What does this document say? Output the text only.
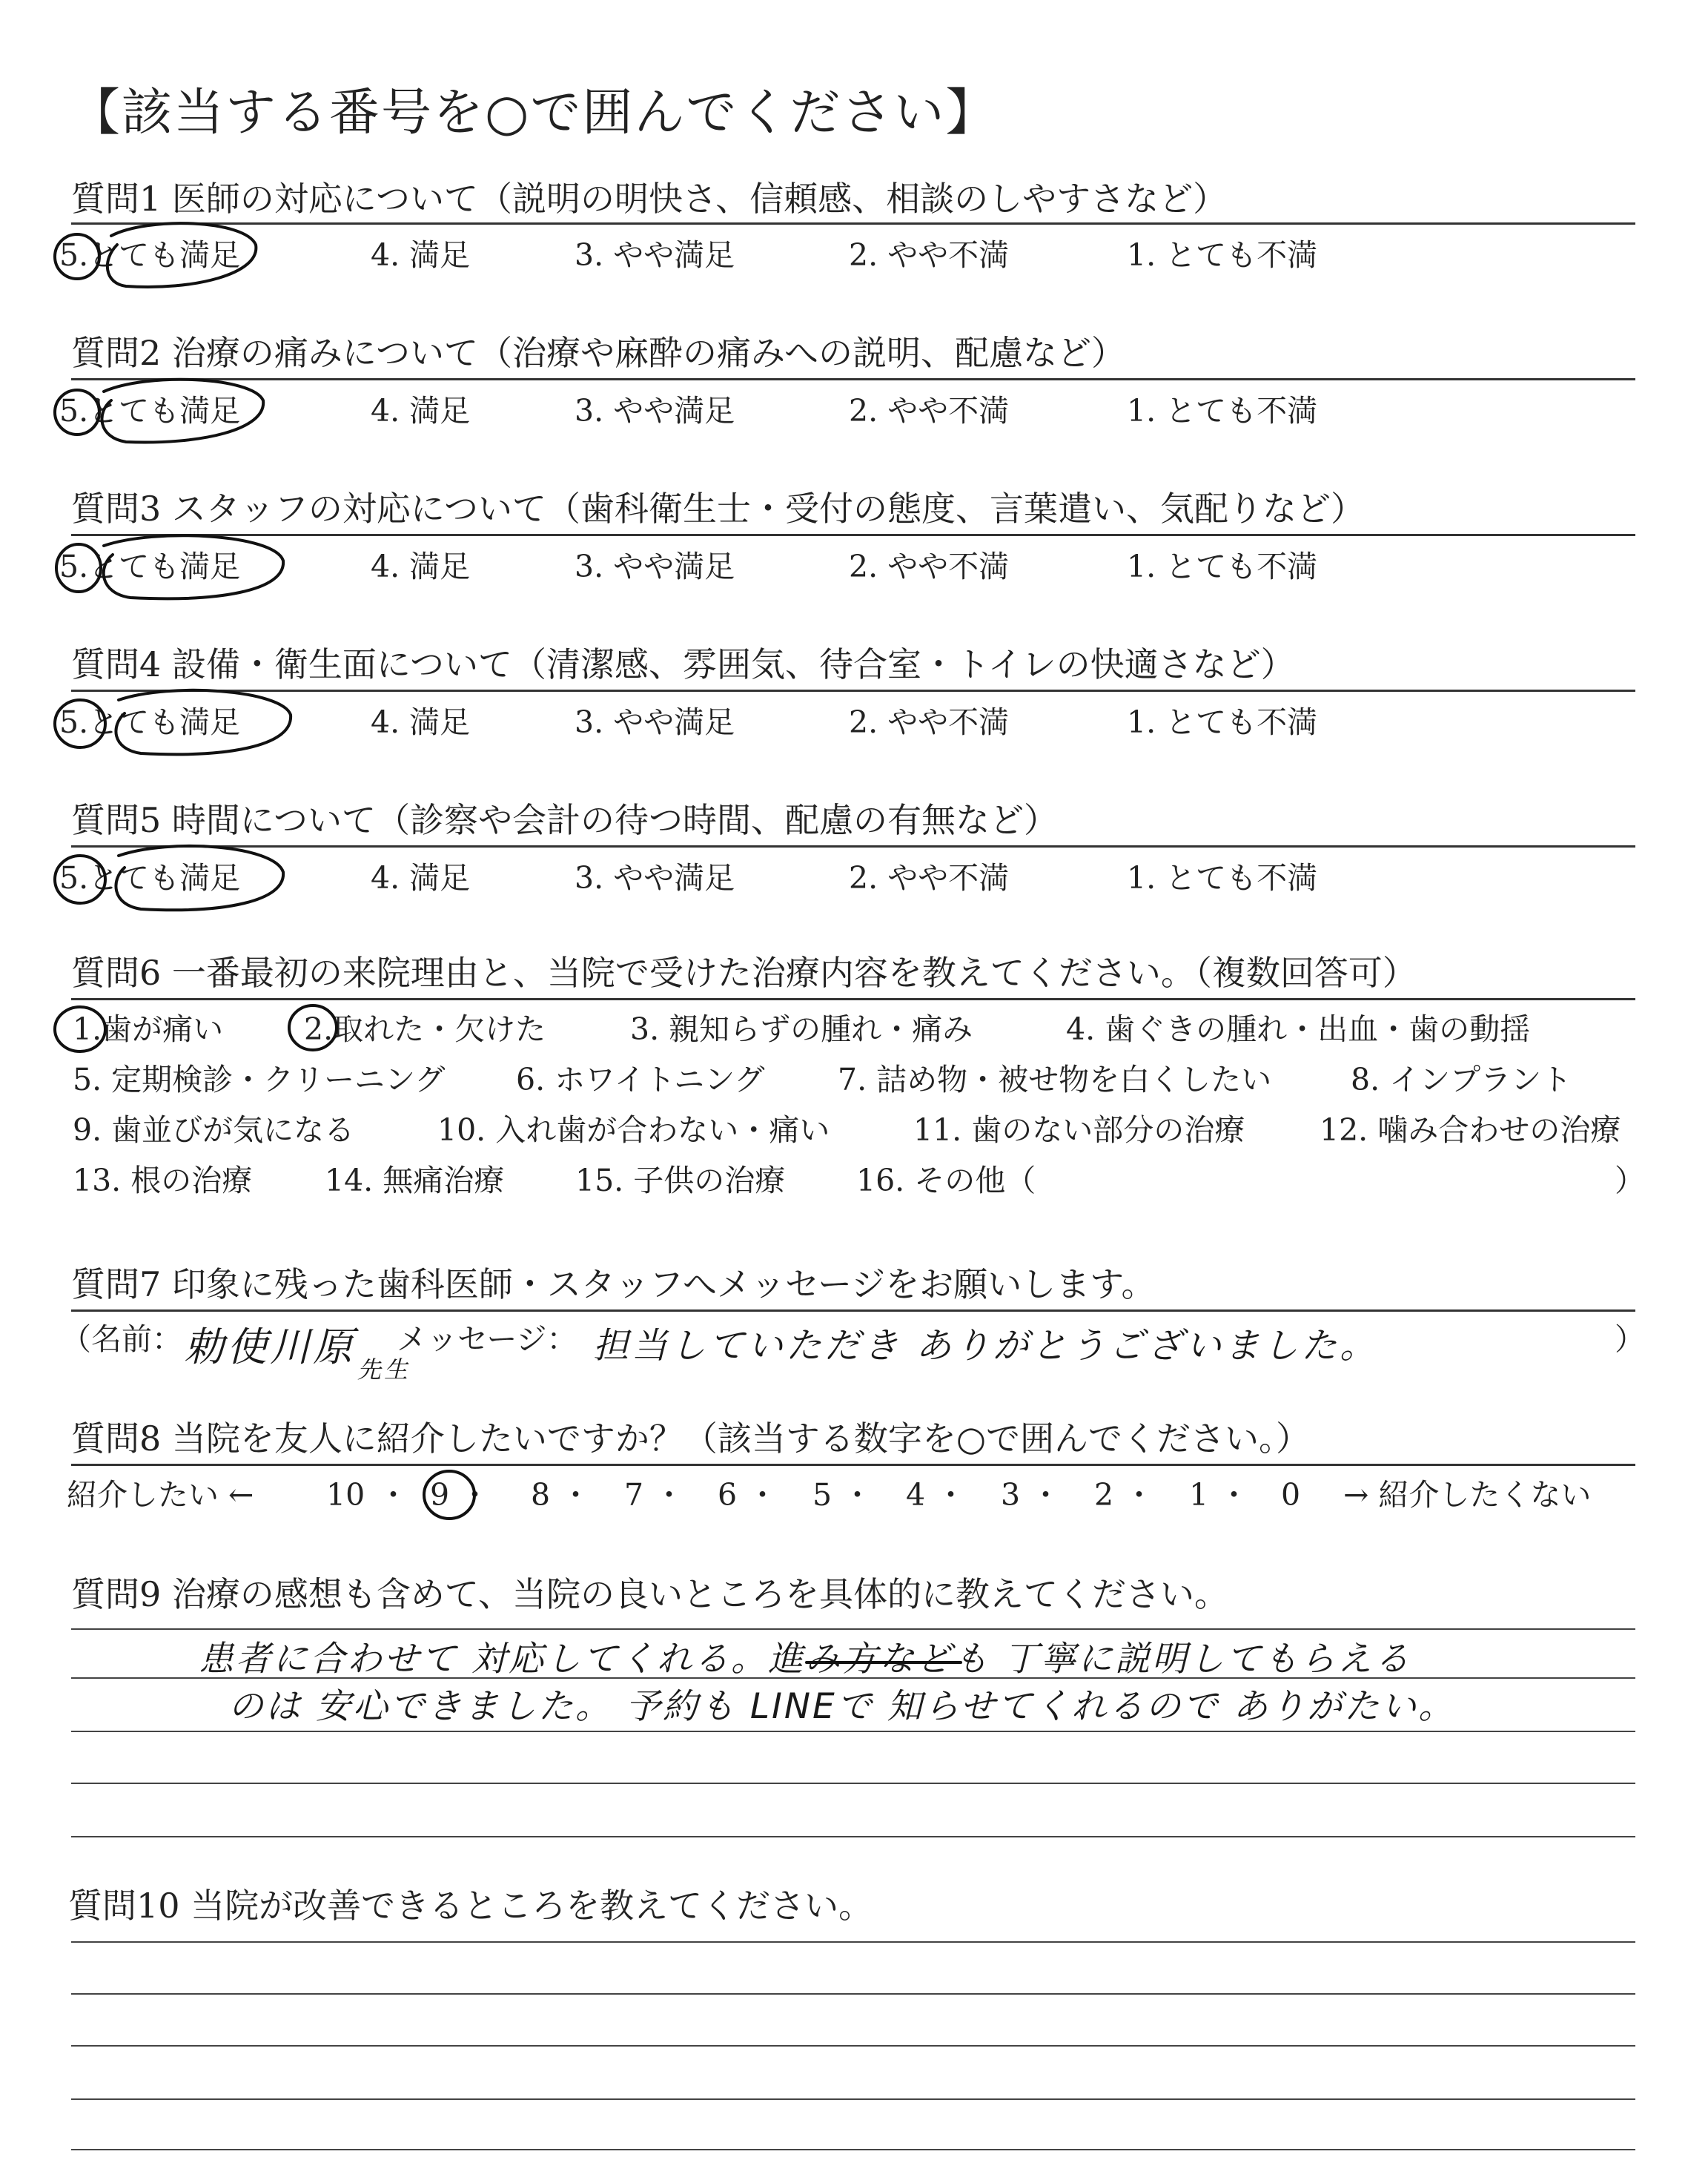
【該当する番号を○で囲んでください】
質問1 医師の対応について（説明の明快さ、信頼感、相談のしやすさなど）
5.とても満足	4. 満足	3. やや満足	2. やや不満	1. とても不満
質問2 治療の痛みについて（治療や麻酔の痛みへの説明、配慮など）
5.とても満足	4. 満足	3. やや満足	2. やや不満	1. とても不満
質問3 スタッフの対応について（歯科衛生士・受付の態度、言葉遣い、気配りなど）
5.とても満足	4. 満足	3. やや満足	2. やや不満	1. とても不満
質問4 設備・衛生面について（清潔感、雰囲気、待合室・トイレの快適さなど）
5.とても満足	4. 満足	3. やや満足	2. やや不満	1. とても不満
質問5 時間について（診察や会計の待つ時間、配慮の有無など）
5.とても満足	4. 満足	3. やや満足	2. やや不満	1. とても不満
質問6 一番最初の来院理由と、当院で受けた治療内容を教えてください。（複数回答可）
1.歯が痛い	2.取れた・欠けた	3. 親知らずの腫れ・痛み	4. 歯ぐきの腫れ・出血・歯の動揺
5. 定期検診・クリーニング 6. ホワイトニング 7. 詰め物・被せ物を白くしたい	8. インプラント
9. 歯並びが気になる	10. 入れ歯が合わない・痛い	11. 歯のない部分の治療 12. 噛み合わせの治療
13. 根の治療 14. 無痛治療 15. 子供の治療 16. その他（	）
質問7 印象に残った歯科医師・スタッフへメッセージをお願いします。
（名前： 勅使川原 先生
メッセージ： 担当していただき ありがとうございました。	）
質問8 当院を友人に紹介したいですか？（該当する数字を○で囲んでください。）
紹介したい ← 10 ・ 9 ・ 8 ・ 7 ・ 6 ・ 5 ・ 4 ・ 3 ・ 2 ・ 1 ・ 0 → 紹介したくない
質問9 治療の感想も含めて、当院の良いところを具体的に教えてください。
患者に合わせて 対応してくれる。進み方なども 丁寧に説明してもらえる
のは 安心できました。 予約も LINEで 知らせてくれるので ありがたい。
質問10 当院が改善できるところを教えてください。
